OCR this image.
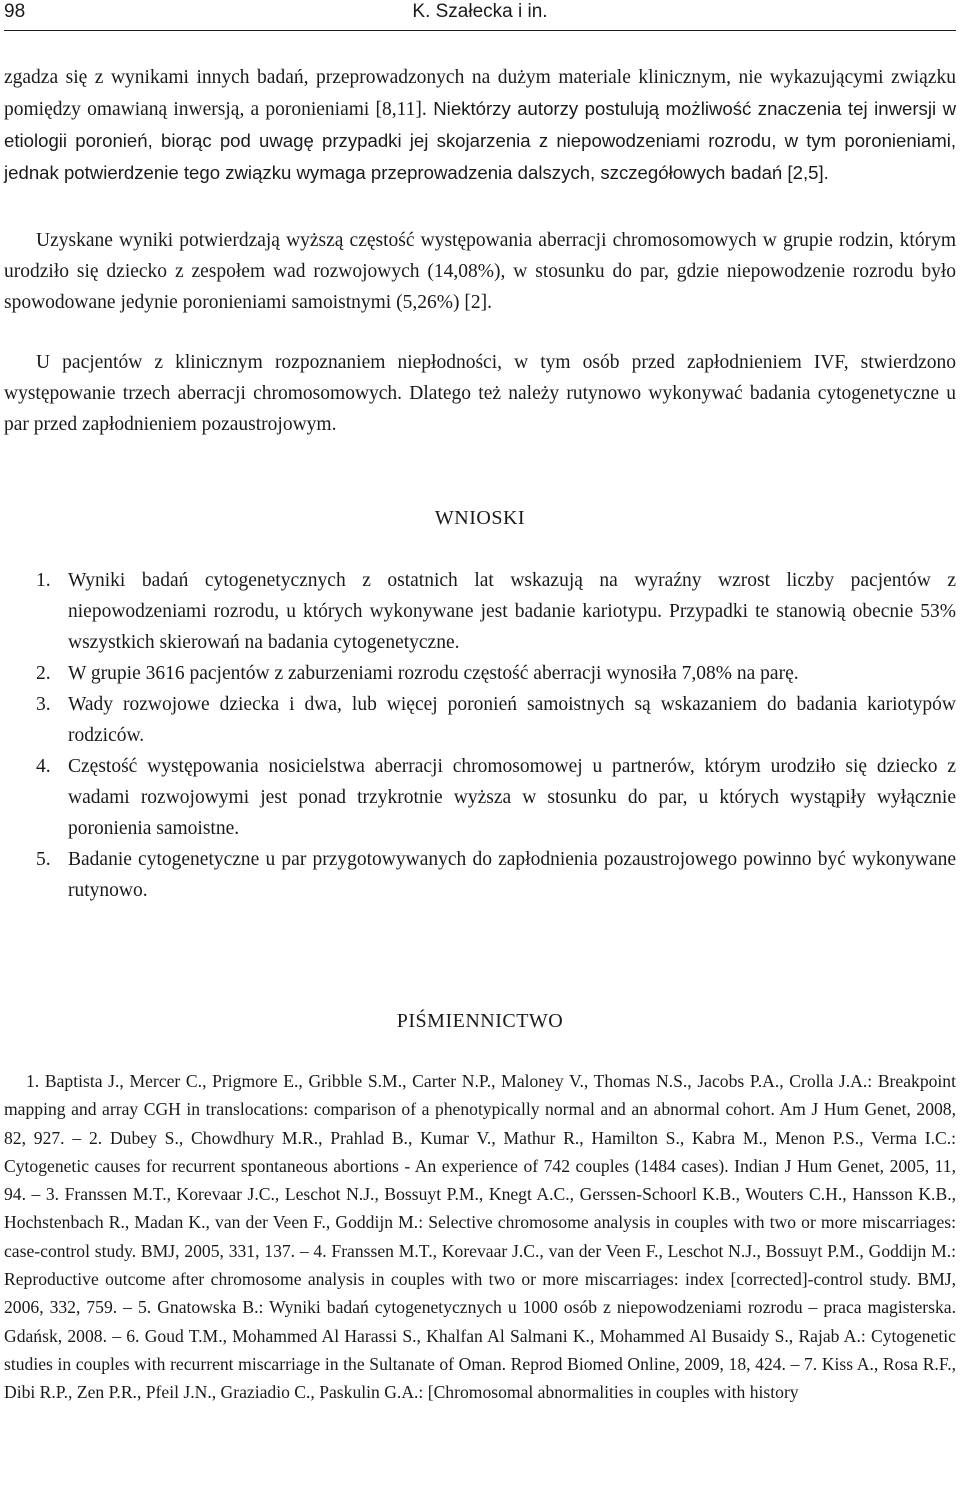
98	K. Szałecka i in.

zgadza się z wynikami innych badań, przeprowadzonych na dużym materiale klinicznym, nie wykazującymi związku pomiędzy omawianą inwersją, a poronieniami [8,11]. Niektórzy autorzy postulują możliwość znaczenia tej inwersji w etiologii poronień, biorąc pod uwagę przypadki jej skojarzenia z niepowodzeniami rozrodu, w tym poronieniami, jednak potwierdzenie tego związku wymaga przeprowadzenia dalszych, szczegółowych badań [2,5].

Uzyskane wyniki potwierdzają wyższą częstość występowania aberracji chromosomowych w grupie rodzin, którym urodziło się dziecko z zespołem wad rozwojowych (14,08%), w stosunku do par, gdzie niepowodzenie rozrodu było spowodowane jedynie poronieniami samoistnymi (5,26%) [2].

U pacjentów z klinicznym rozpoznaniem niepłodności, w tym osób przed zapłodnieniem IVF, stwierdzono występowanie trzech aberracji chromosomowych. Dlatego też należy rutynowo wykonywać badania cytogenetyczne u par przed zapłodnieniem pozaustrojowym.

WNIOSKI
1. Wyniki badań cytogenetycznych z ostatnich lat wskazują na wyraźny wzrost liczby pacjentów z niepowodzeniami rozrodu, u których wykonywane jest badanie kariotypu. Przypadki te stanowią obecnie 53% wszystkich skierowań na badania cytogenetyczne.
2. W grupie 3616 pacjentów z zaburzeniami rozrodu częstość aberracji wynosiła 7,08% na parę.
3. Wady rozwojowe dziecka i dwa, lub więcej poronień samoistnych są wskazaniem do badania kariotypów rodziców.
4. Częstość występowania nosicielstwa aberracji chromosomowej u partnerów, którym urodziło się dziecko z wadami rozwojowymi jest ponad trzykrotnie wyższa w stosunku do par, u których wystąpiły wyłącznie poronienia samoistne.
5. Badanie cytogenetyczne u par przygotowywanych do zapłodnienia pozaustrojowego powinno być wykonywane rutynowo.
PIŚMIENNICTWO

1. Baptista J., Mercer C., Prigmore E., Gribble S.M., Carter N.P., Maloney V., Thomas N.S., Jacobs P.A., Crolla J.A.: Breakpoint mapping and array CGH in translocations: comparison of a phenotypically normal and an abnormal cohort. Am J Hum Genet, 2008, 82, 927. – 2. Dubey S., Chowdhury M.R., Prahlad B., Kumar V., Mathur R., Hamilton S., Kabra M., Menon P.S., Verma I.C.: Cytogenetic causes for recurrent spontaneous abortions - An experience of 742 couples (1484 cases). Indian J Hum Genet, 2005, 11, 94. – 3. Franssen M.T., Korevaar J.C., Leschot N.J., Bossuyt P.M., Knegt A.C., Gerssen-Schoorl K.B., Wouters C.H., Hansson K.B., Hochstenbach R., Madan K., van der Veen F., Goddijn M.: Selective chromosome analysis in couples with two or more miscarriages: case-control study. BMJ, 2005, 331, 137. – 4. Franssen M.T., Korevaar J.C., van der Veen F., Leschot N.J., Bossuyt P.M., Goddijn M.: Reproductive outcome after chromosome analysis in couples with two or more miscarriages: index [corrected]-control study. BMJ, 2006, 332, 759. – 5. Gnatowska B.: Wyniki badań cytogenetycznych u 1000 osób z niepowodzeniami rozrodu – praca magisterska. Gdańsk, 2008. – 6. Goud T.M., Mohammed Al Harassi S., Khalfan Al Salmani K., Mohammed Al Busaidy S., Rajab A.: Cytogenetic studies in couples with recurrent miscarriage in the Sultanate of Oman. Reprod Biomed Online, 2009, 18, 424. – 7. Kiss A., Rosa R.F., Dibi R.P., Zen P.R., Pfeil J.N., Graziadio C., Paskulin G.A.: [Chromosomal abnormalities in couples with history
